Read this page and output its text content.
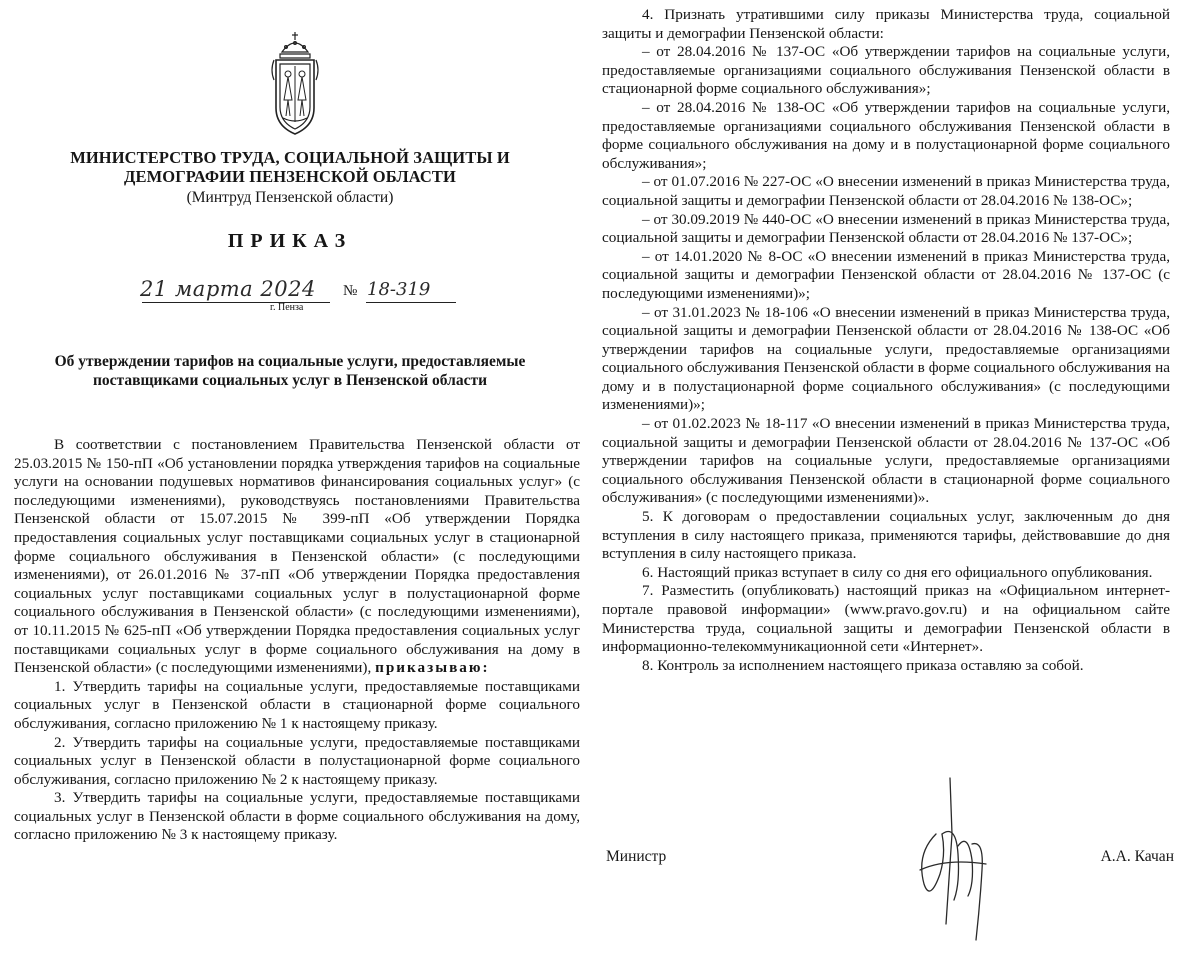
МИНИСТЕРСТВО ТРУДА, СОЦИАЛЬНОЙ ЗАЩИТЫ И
ДЕМОГРАФИИ ПЕНЗЕНСКОЙ ОБЛАСТИ
(Минтруд Пензенской области)
ПРИКАЗ
21 марта 2024 № 18-319
г. Пенза
Об утверждении тарифов на социальные услуги, предоставляемые
поставщиками социальных услуг в Пензенской области

В соответствии с постановлением Правительства Пензенской области от 25.03.2015 № 150-пП «Об установлении порядка утверждения тарифов на социальные услуги на основании подушевых нормативов финансирования социальных услуг» (с последующими изменениями), руководствуясь постановлениями Правительства Пензенской области от 15.07.2015 № 399-пП «Об утверждении Порядка предоставления социальных услуг поставщиками социальных услуг в стационарной форме социального обслуживания в Пензенской области» (с последующими изменениями), от 26.01.2016 № 37-пП «Об утверждении Порядка предоставления социальных услуг поставщиками социальных услуг в полустационарной форме социального обслуживания в Пензенской области» (с последующими изменениями), от 10.11.2015 № 625-пП «Об утверждении Порядка предоставления социальных услуг поставщиками социальных услуг в форме социального обслуживания на дому в Пензенской области» (с последующими изменениями), приказываю:

1. Утвердить тарифы на социальные услуги, предоставляемые поставщиками социальных услуг в Пензенской области в стационарной форме социального обслуживания, согласно приложению № 1 к настоящему приказу.

2. Утвердить тарифы на социальные услуги, предоставляемые поставщиками социальных услуг в Пензенской области в полустационарной форме социального обслуживания, согласно приложению № 2 к настоящему приказу.

3. Утвердить тарифы на социальные услуги, предоставляемые поставщиками социальных услуг в Пензенской области в форме социального обслуживания на дому, согласно приложению № 3 к настоящему приказу.

4. Признать утратившими силу приказы Министерства труда, социальной защиты и демографии Пензенской области:

– от 28.04.2016 № 137-ОС «Об утверждении тарифов на социальные услуги, предоставляемые организациями социального обслуживания Пензенской области в стационарной форме социального обслуживания»;

– от 28.04.2016 № 138-ОС «Об утверждении тарифов на социальные услуги, предоставляемые организациями социального обслуживания Пензенской области в форме социального обслуживания на дому и в полустационарной форме социального обслуживания»;

– от 01.07.2016 № 227-ОС «О внесении изменений в приказ Министерства труда, социальной защиты и демографии Пензенской области от 28.04.2016 № 138-ОС»;

– от 30.09.2019 № 440-ОС «О внесении изменений в приказ Министерства труда, социальной защиты и демографии Пензенской области от 28.04.2016 № 137-ОС»;

– от 14.01.2020 № 8-ОС «О внесении изменений в приказ Министерства труда, социальной защиты и демографии Пензенской области от 28.04.2016 № 137-ОС (с последующими изменениями)»;

– от 31.01.2023 № 18-106 «О внесении изменений в приказ Министерства труда, социальной защиты и демографии Пензенской области от 28.04.2016 № 138-ОС «Об утверждении тарифов на социальные услуги, предоставляемые организациями социального обслуживания Пензенской области в форме социального обслуживания на дому и в полустационарной форме социального обслуживания» (с последующими изменениями)»;

– от 01.02.2023 № 18-117 «О внесении изменений в приказ Министерства труда, социальной защиты и демографии Пензенской области от 28.04.2016 № 137-ОС «Об утверждении тарифов на социальные услуги, предоставляемые организациями социального обслуживания Пензенской области в стационарной форме социального обслуживания» (с последующими изменениями)».

5. К договорам о предоставлении социальных услуг, заключенным до дня вступления в силу настоящего приказа, применяются тарифы, действовавшие до дня вступления в силу настоящего приказа.

6. Настоящий приказ вступает в силу со дня его официального опубликования.

7. Разместить (опубликовать) настоящий приказ на «Официальном интернет-портале правовой информации» (www.pravo.gov.ru) и на официальном сайте Министерства труда, социальной защиты и демографии Пензенской области в информационно-телекоммуникационной сети «Интернет».

8. Контроль за исполнением настоящего приказа оставляю за собой.

Министр	А.А. Качан
